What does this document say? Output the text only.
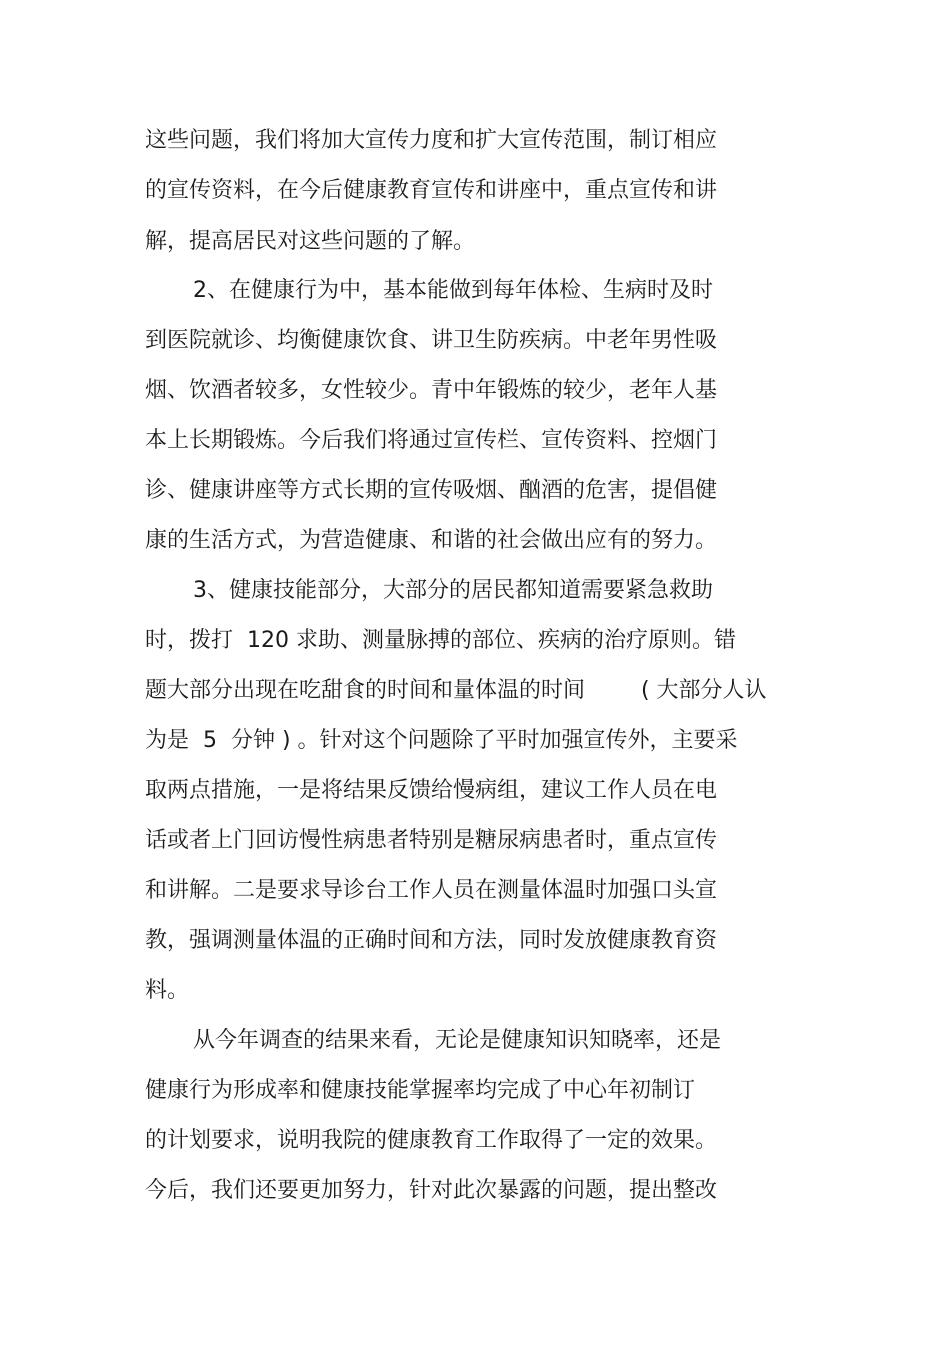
这些问题，我们将加大宣传力度和扩大宣传范围，制订相应
的宣传资料，在今后健康教育宣传和讲座中，重点宣传和讲
解，提高居民对这些问题的了解。
2、在健康行为中，基本能做到每年体检、生病时及时
到医院就诊、均衡健康饮食、讲卫生防疾病。中老年男性吸
烟、饮酒者较多，女性较少。青中年锻炼的较少，老年人基
本上长期锻炼。今后我们将通过宣传栏、宣传资料、控烟门
诊、健康讲座等方式长期的宣传吸烟、酗酒的危害，提倡健
康的生活方式，为营造健康、和谐的社会做出应有的努力。
3、健康技能部分，大部分的居民都知道需要紧急救助
时，拨打  120 求助、测量脉搏的部位、疾病的治疗原则。错
题大部分出现在吃甜食的时间和量体温的时间        ( 大部分人认
为是  5  分钟 ) 。针对这个问题除了平时加强宣传外，主要采
取两点措施，一是将结果反馈给慢病组，建议工作人员在电
话或者上门回访慢性病患者特别是糖尿病患者时，重点宣传
和讲解。二是要求导诊台工作人员在测量体温时加强口头宣
教，强调测量体温的正确时间和方法，同时发放健康教育资
料。
从今年调查的结果来看，无论是健康知识知晓率，还是
健康行为形成率和健康技能掌握率均完成了中心年初制订
的计划要求，说明我院的健康教育工作取得了一定的效果。
今后，我们还要更加努力，针对此次暴露的问题，提出整改
